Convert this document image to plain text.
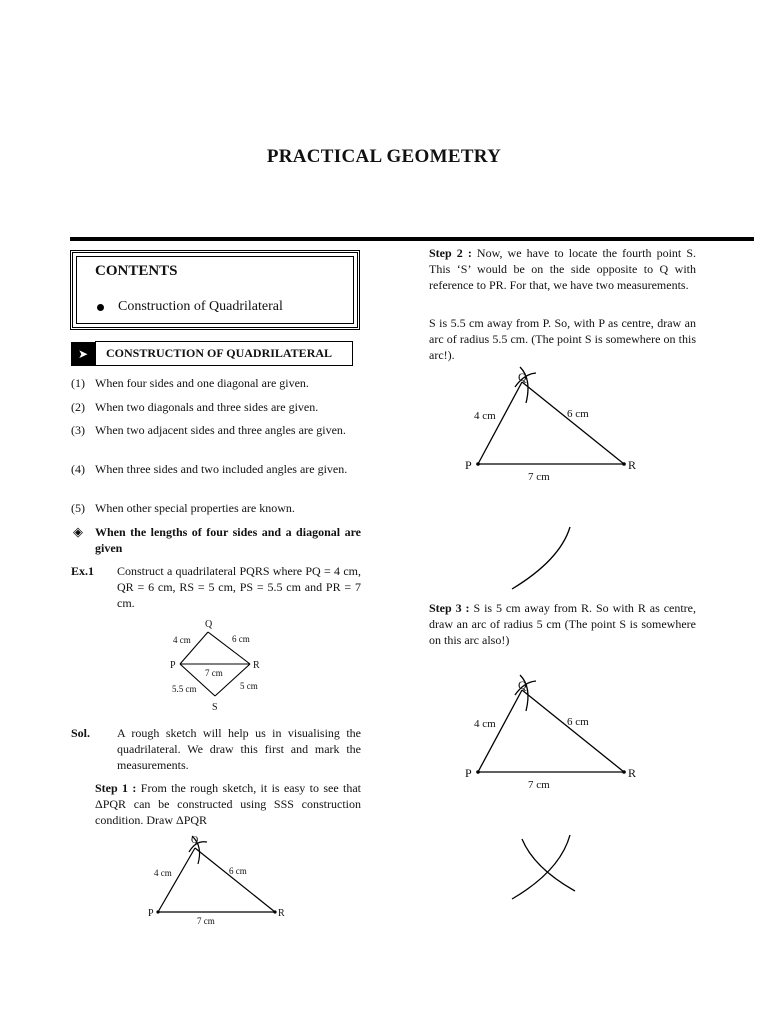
PRACTICAL GEOMETRY
CONTENTS
Construction of Quadrilateral
➤	CONSTRUCTION OF QUADRILATERAL
(1) When four sides and one diagonal are given.
(2) When two diagonals and three sides are given.
(3) When two adjacent sides and three angles are given.
(4) When three sides and two included angles are given.
(5) When other special properties are known.
◈ When the lengths of four sides and a diagonal are given
Ex.1 Construct a quadrilateral PQRS where PQ = 4 cm, QR = 6 cm, RS = 5 cm, PS = 5.5 cm and PR = 7 cm.
Q
P	R
S
4 cm	6 cm
7 cm
5.5 cm	5 cm
Sol. A rough sketch will help us in visualising the quadrilateral. We draw this first and mark the measurements.
Step 1 : From the rough sketch, it is easy to see that ΔPQR can be constructed using SSS construction condition. Draw ΔPQR
Q
P	R
4 cm	6 cm
7 cm
Step 2 : Now, we have to locate the fourth point S. This ‘S’ would be on the side opposite to Q with reference to PR. For that, we have two measurements.
S is 5.5 cm away from P. So, with P as centre, draw an arc of radius 5.5 cm. (The point S is somewhere on this arc!).
Q
P	R
4 cm	6 cm
7 cm
Step 3 : S is 5 cm away from R. So with R as centre, draw an arc of radius 5 cm (The point S is somewhere on this arc also!)
Q
P	R
4 cm	6 cm
7 cm
